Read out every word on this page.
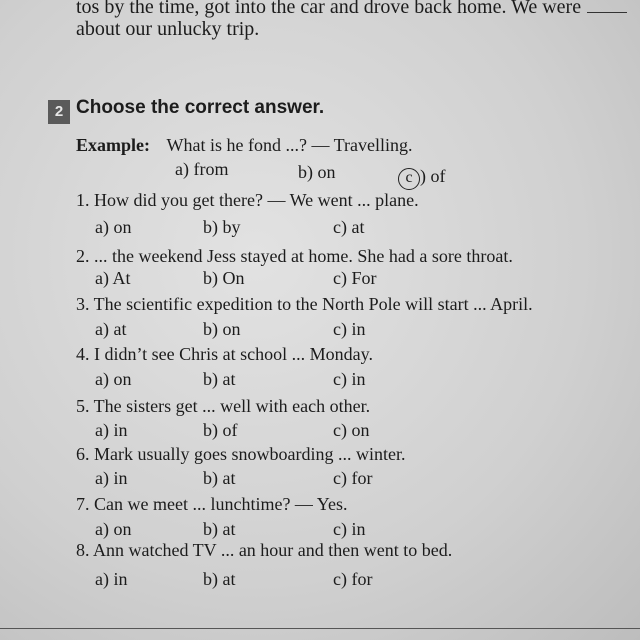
tos by the time, got into the car and drove back home. We were
about our unlucky trip.
2 Choose the correct answer.
Example: What is he fond ...? — Travelling.
a) from	b) on	c ) of
1. How did you get there? — We went ... plane.
a) on	b) by	c) at
2. ... the weekend Jess stayed at home. She had a sore throat.
a) At	b) On	c) For
3. The scientific expedition to the North Pole will start ... April.
a) at	b) on	c) in
4. I didn’t see Chris at school ... Monday.
a) on	b) at	c) in
5. The sisters get ... well with each other.
a) in	b) of	c) on
6. Mark usually goes snowboarding ... winter.
a) in	b) at	c) for
7. Can we meet ... lunchtime? — Yes.
a) on	b) at	c) in
8. Ann watched TV ... an hour and then went to bed.
a) in	b) at	c) for
